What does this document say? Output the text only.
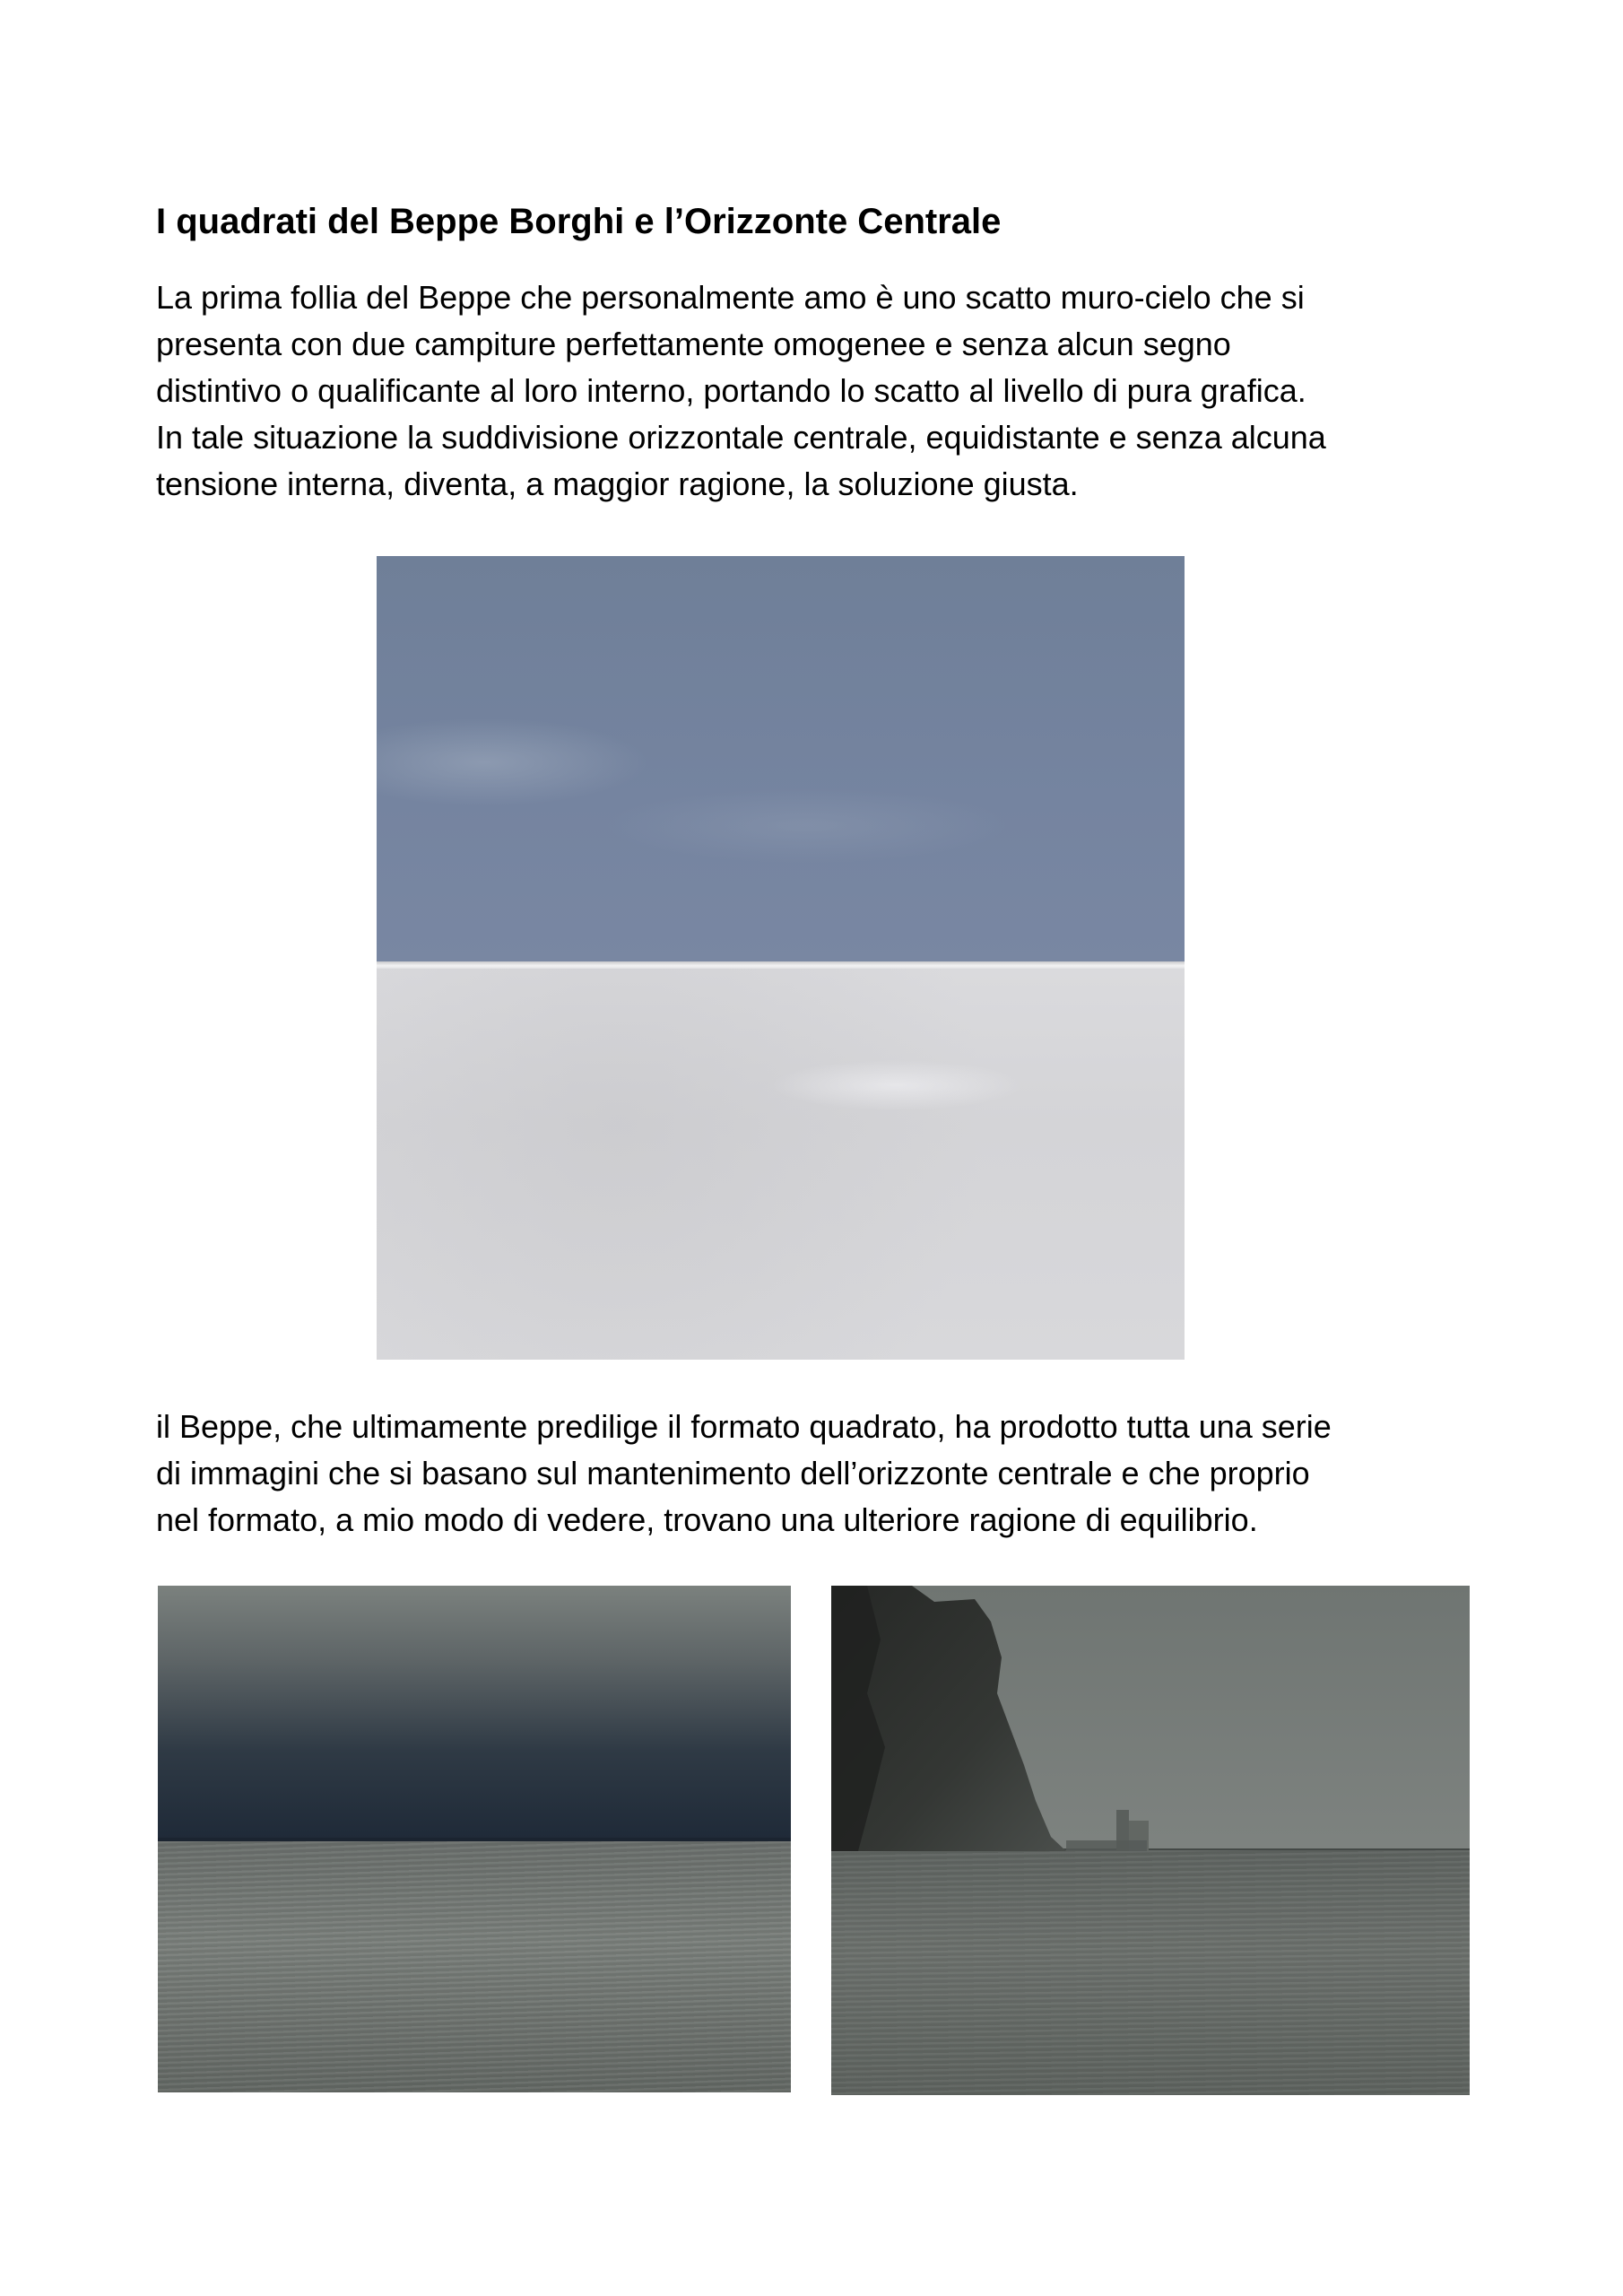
I quadrati del Beppe Borghi e l’Orizzonte Centrale

La prima follia del Beppe che personalmente amo è uno scatto muro-cielo che si
presenta con due campiture perfettamente omogenee e senza alcun segno
distintivo o qualificante al loro interno, portando lo scatto al livello di pura grafica.
In tale situazione la suddivisione orizzontale centrale, equidistante e senza alcuna
tensione interna, diventa, a maggior ragione, la soluzione giusta.

il Beppe, che ultimamente predilige il formato quadrato, ha prodotto tutta una serie
di immagini che si basano sul mantenimento dell’orizzonte centrale e che proprio
nel formato, a mio modo di vedere, trovano una ulteriore ragione di equilibrio.
